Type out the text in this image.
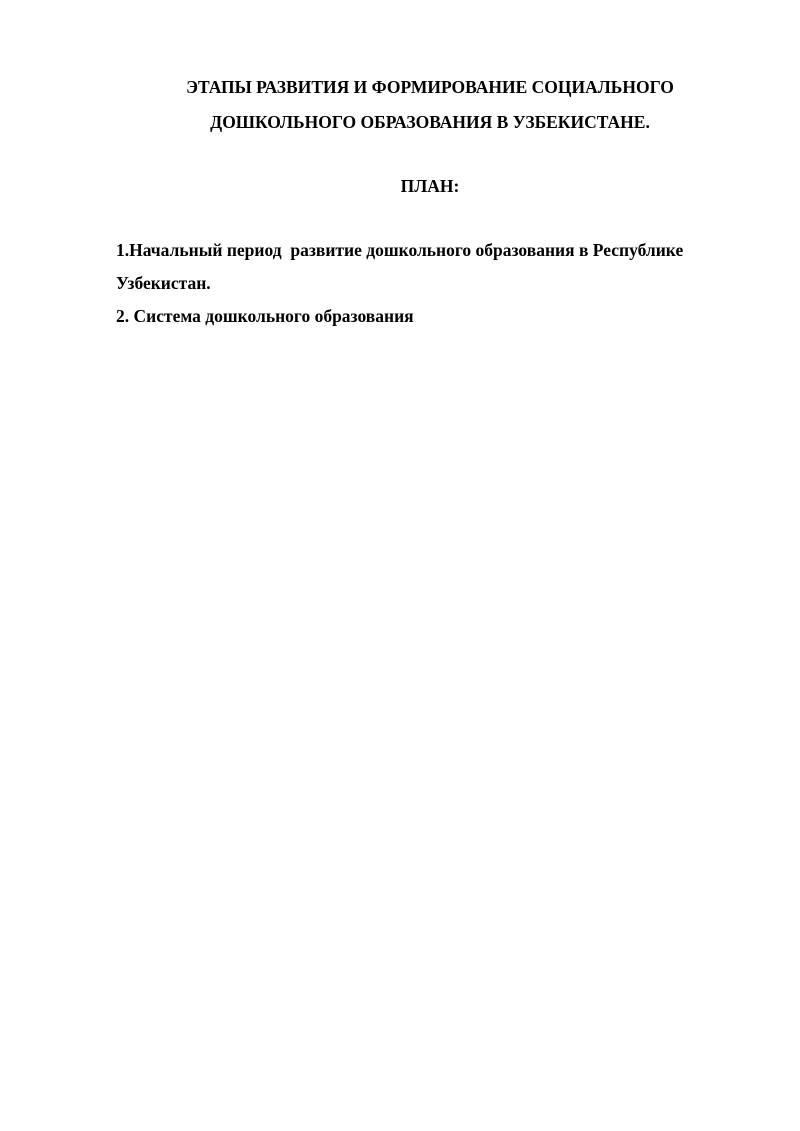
ЭТАПЫ РАЗВИТИЯ И ФОРМИРОВАНИЕ СОЦИАЛЬНОГО
ДОШКОЛЬНОГО ОБРАЗОВАНИЯ В УЗБЕКИСТАНЕ.
ПЛАН:
1.Начальный период  развитие дошкольного образования в Республике Узбекистан.
2. Система дошкольного образования
